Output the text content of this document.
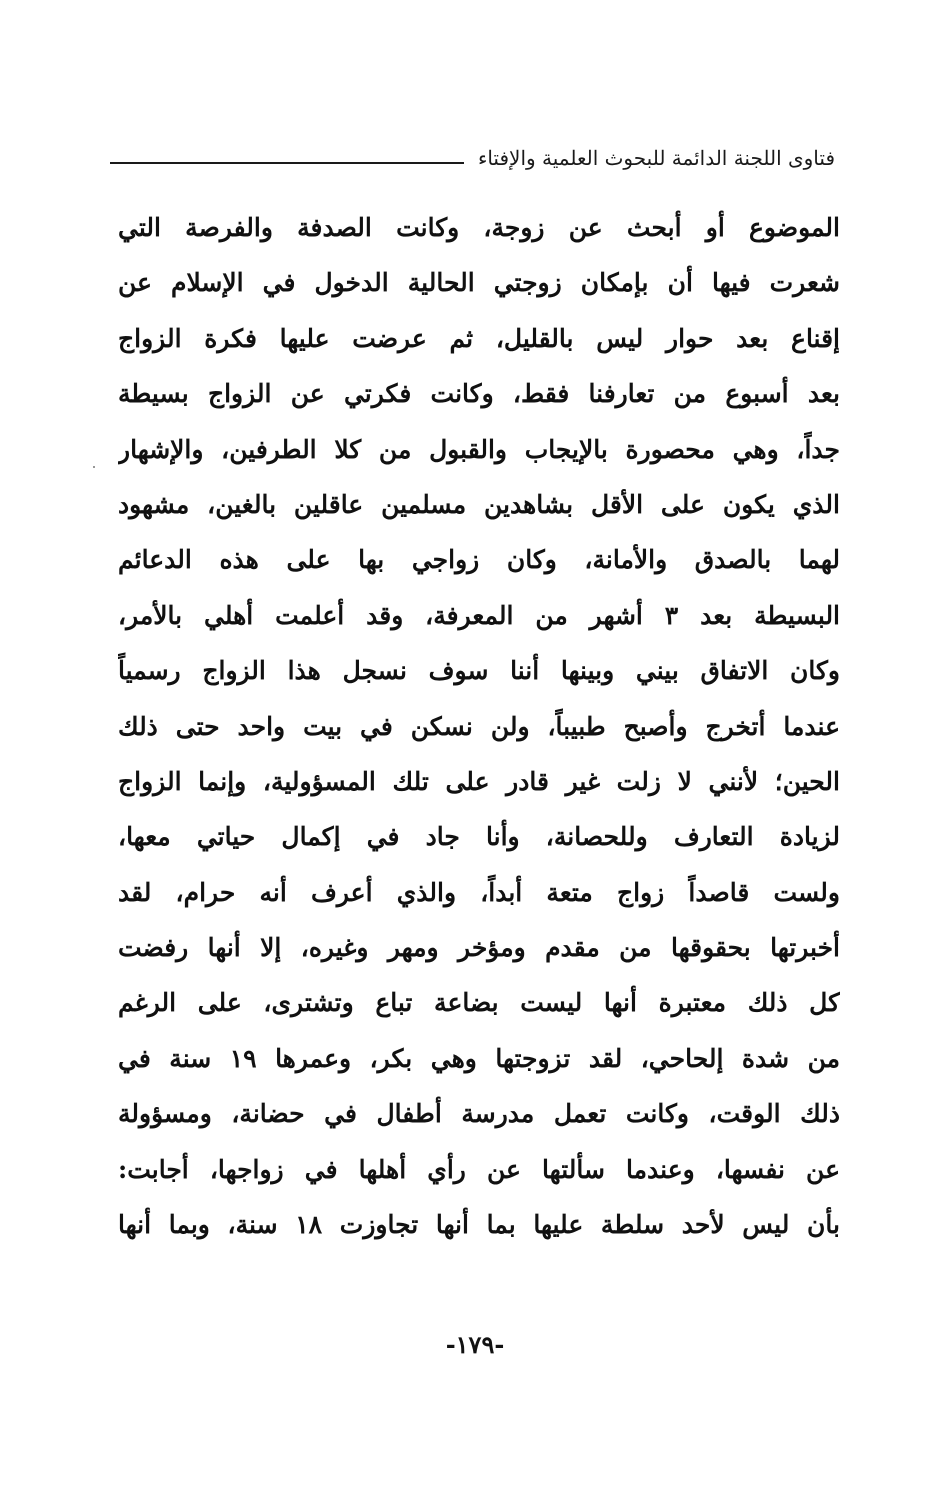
فتاوى اللجنة الدائمة للبحوث العلمية والإفتاء
الموضوع أو أبحث عن زوجة، وكانت الصدفة والفرصة التي
شعرت فيها أن بإمكان زوجتي الحالية الدخول في الإسلام عن
إقناع بعد حوار ليس بالقليل، ثم عرضت عليها فكرة الزواج
بعد أسبوع من تعارفنا فقط، وكانت فكرتي عن الزواج بسيطة
جداً، وهي محصورة بالإيجاب والقبول من كلا الطرفين، والإشهار
الذي يكون على الأقل بشاهدين مسلمين عاقلين بالغين، مشهود
لهما بالصدق والأمانة، وكان زواجي بها على هذه الدعائم
البسيطة بعد ٣ أشهر من المعرفة، وقد أعلمت أهلي بالأمر،
وكان الاتفاق بيني وبينها أننا سوف نسجل هذا الزواج رسمياً
عندما أتخرج وأصبح طبيباً، ولن نسكن في بيت واحد حتى ذلك
الحين؛ لأنني لا زلت غير قادر على تلك المسؤولية، وإنما الزواج
لزيادة التعارف وللحصانة، وأنا جاد في إكمال حياتي معها،
ولست قاصداً زواج متعة أبداً، والذي أعرف أنه حرام، لقد
أخبرتها بحقوقها من مقدم ومؤخر ومهر وغيره، إلا أنها رفضت
كل ذلك معتبرة أنها ليست بضاعة تباع وتشترى، على الرغم
من شدة إلحاحي، لقد تزوجتها وهي بكر، وعمرها ١٩ سنة في
ذلك الوقت، وكانت تعمل مدرسة أطفال في حضانة، ومسؤولة
عن نفسها، وعندما سألتها عن رأي أهلها في زواجها، أجابت:
بأن ليس لأحد سلطة عليها بما أنها تجاوزت ١٨ سنة، وبما أنها
-١٧٩-
